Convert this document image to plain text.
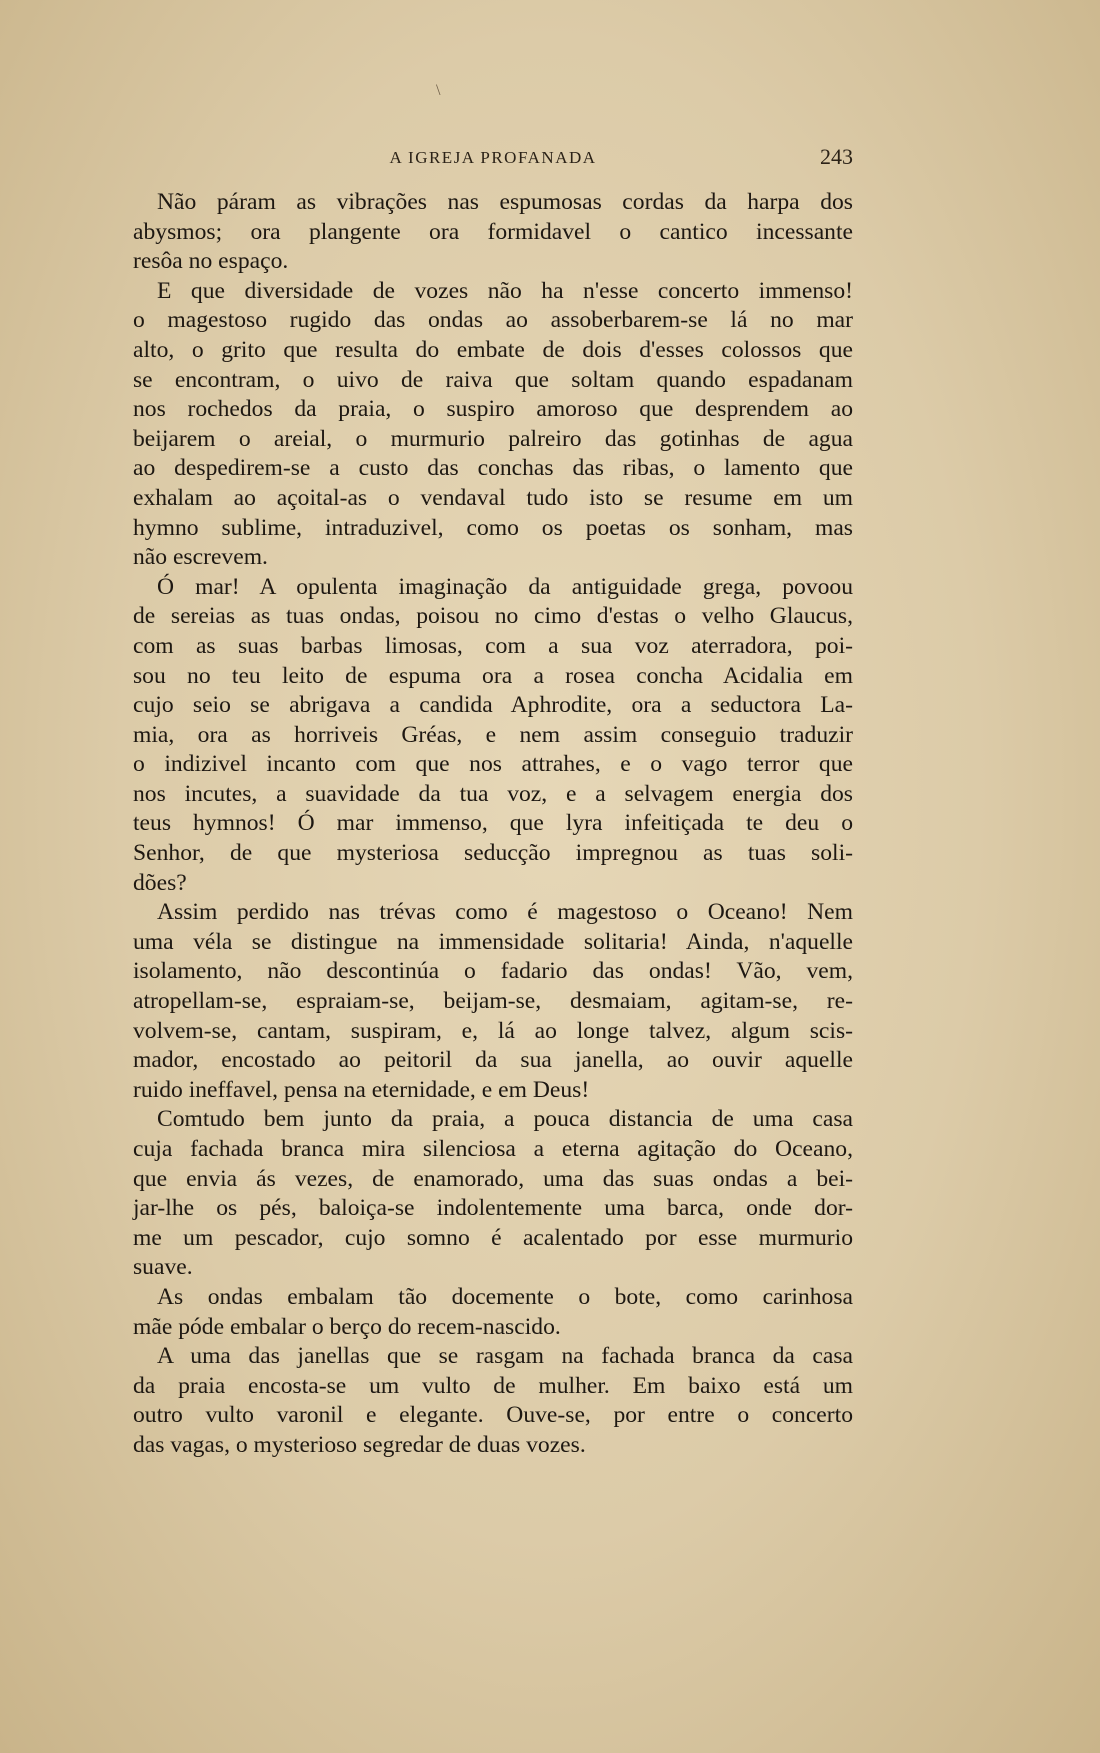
\
A IGREJA PROFANADA	243
Não páram as vibrações nas espumosas cordas da harpa dos
abysmos; ora plangente ora formidavel o cantico incessante
resôa no espaço.
E que diversidade de vozes não ha n'esse concerto immenso!
o magestoso rugido das ondas ao assoberbarem-se lá no mar
alto, o grito que resulta do embate de dois d'esses colossos que
se encontram, o uivo de raiva que soltam quando espadanam
nos rochedos da praia, o suspiro amoroso que desprendem ao
beijarem o areial, o murmurio palreiro das gotinhas de agua
ao despedirem-se a custo das conchas das ribas, o lamento que
exhalam ao açoital-as o vendaval tudo isto se resume em um
hymno sublime, intraduzivel, como os poetas os sonham, mas
não escrevem.
Ó mar! A opulenta imaginação da antiguidade grega, povoou
de sereias as tuas ondas, poisou no cimo d'estas o velho Glaucus,
com as suas barbas limosas, com a sua voz aterradora, poi-
sou no teu leito de espuma ora a rosea concha Acidalia em
cujo seio se abrigava a candida Aphrodite, ora a seductora La-
mia, ora as horriveis Gréas, e nem assim conseguio traduzir
o indizivel incanto com que nos attrahes, e o vago terror que
nos incutes, a suavidade da tua voz, e a selvagem energia dos
teus hymnos! Ó mar immenso, que lyra infeitiçada te deu o
Senhor, de que mysteriosa seducção impregnou as tuas soli-
dões?
Assim perdido nas trévas como é magestoso o Oceano! Nem
uma véla se distingue na immensidade solitaria! Ainda, n'aquelle
isolamento, não descontinúa o fadario das ondas! Vão, vem,
atropellam-se, espraiam-se, beijam-se, desmaiam, agitam-se, re-
volvem-se, cantam, suspiram, e, lá ao longe talvez, algum scis-
mador, encostado ao peitoril da sua janella, ao ouvir aquelle
ruido ineffavel, pensa na eternidade, e em Deus!
Comtudo bem junto da praia, a pouca distancia de uma casa
cuja fachada branca mira silenciosa a eterna agitação do Oceano,
que envia ás vezes, de enamorado, uma das suas ondas a bei-
jar-lhe os pés, baloiça-se indolentemente uma barca, onde dor-
me um pescador, cujo somno é acalentado por esse murmurio
suave.
As ondas embalam tão docemente o bote, como carinhosa
mãe póde embalar o berço do recem-nascido.
A uma das janellas que se rasgam na fachada branca da casa
da praia encosta-se um vulto de mulher. Em baixo está um
outro vulto varonil e elegante. Ouve-se, por entre o concerto
das vagas, o mysterioso segredar de duas vozes.
